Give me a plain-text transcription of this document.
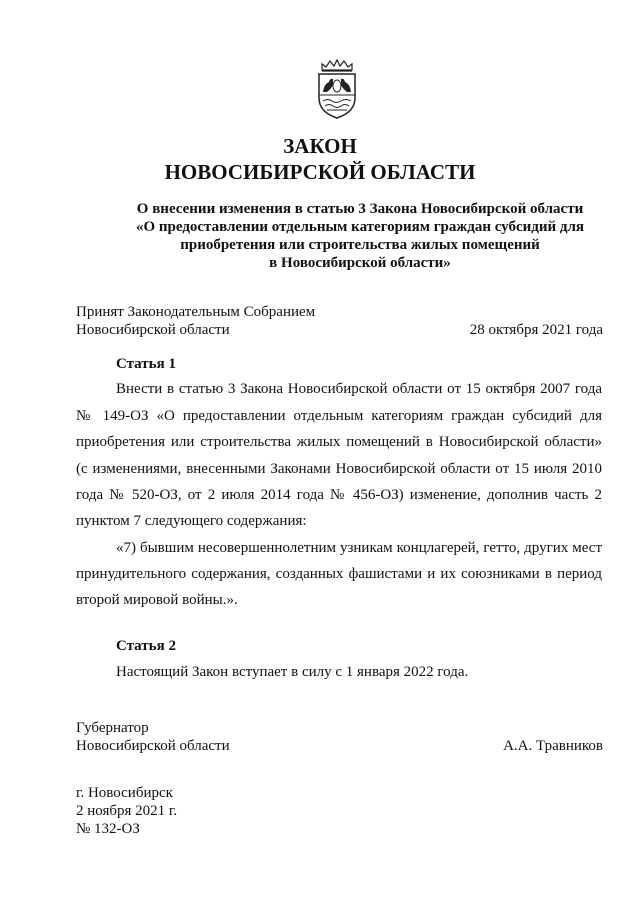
ЗАКОН
НОВОСИБИРСКОЙ ОБЛАСТИ
О внесении изменения в статью 3 Закона Новосибирской области
«О предоставлении отдельным категориям граждан субсидий для
приобретения или строительства жилых помещений
в Новосибирской области»
Принят Законодательным Собранием
Новосибирской области	28 октября 2021 года
Статья 1
Внести в статью 3 Закона Новосибирской области от 15 октября 2007 года
№ 149-ОЗ «О предоставлении отдельным категориям граждан субсидий для
приобретения или строительства жилых помещений в Новосибирской области»
(с изменениями, внесенными Законами Новосибирской области от 15 июля 2010
года № 520-ОЗ, от 2 июля 2014 года № 456-ОЗ) изменение, дополнив часть 2
пунктом 7 следующего содержания:
«7) бывшим несовершеннолетним узникам концлагерей, гетто, других мест
принудительного содержания, созданных фашистами и их союзниками в период
второй мировой войны.».
Статья 2
Настоящий Закон вступает в силу с 1 января 2022 года.
Губернатор
Новосибирской области	А.А. Травников
г. Новосибирск
2 ноября 2021 г.
№ 132-ОЗ
